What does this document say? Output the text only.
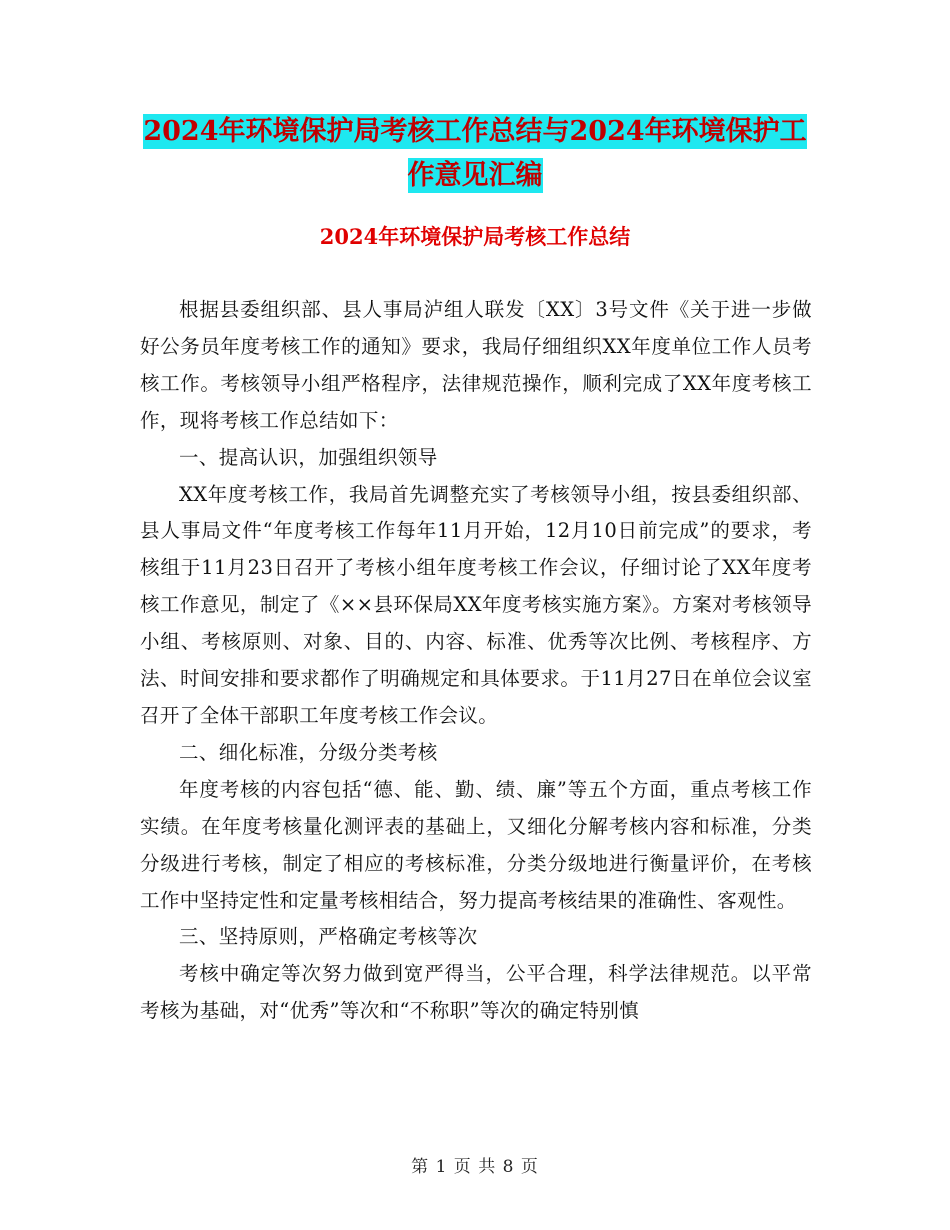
2024年环境保护局考核工作总结与2024年环境保护工
作意见汇编
2024年环境保护局考核工作总结

根据县委组织部、县人事局泸组人联发〔XX〕3号文件《关于进一步做好公务员年度考核工作的通知》要求，我局仔细组织XX年度单位工作人员考核工作。考核领导小组严格程序，法律规范操作，顺利完成了XX年度考核工作，现将考核工作总结如下：

一、提高认识，加强组织领导

XX年度考核工作，我局首先调整充实了考核领导小组，按县委组织部、县人事局文件“年度考核工作每年11月开始，12月10日前完成”的要求，考核组于11月23日召开了考核小组年度考核工作会议，仔细讨论了XX年度考核工作意见，制定了《××县环保局XX年度考核实施方案》。方案对考核领导小组、考核原则、对象、目的、内容、标准、优秀等次比例、考核程序、方法、时间安排和要求都作了明确规定和具体要求。于11月27日在单位会议室召开了全体干部职工年度考核工作会议。

二、细化标准，分级分类考核

年度考核的内容包括“德、能、勤、绩、廉”等五个方面，重点考核工作实绩。在年度考核量化测评表的基础上，又细化分解考核内容和标准，分类分级进行考核，制定了相应的考核标准，分类分级地进行衡量评价，在考核工作中坚持定性和定量考核相结合，努力提高考核结果的准确性、客观性。

三、坚持原则，严格确定考核等次

考核中确定等次努力做到宽严得当，公平合理，科学法律规范。以平常考核为基础，对“优秀”等次和“不称职”等次的确定特别慎

第 1 页 共 8 页
